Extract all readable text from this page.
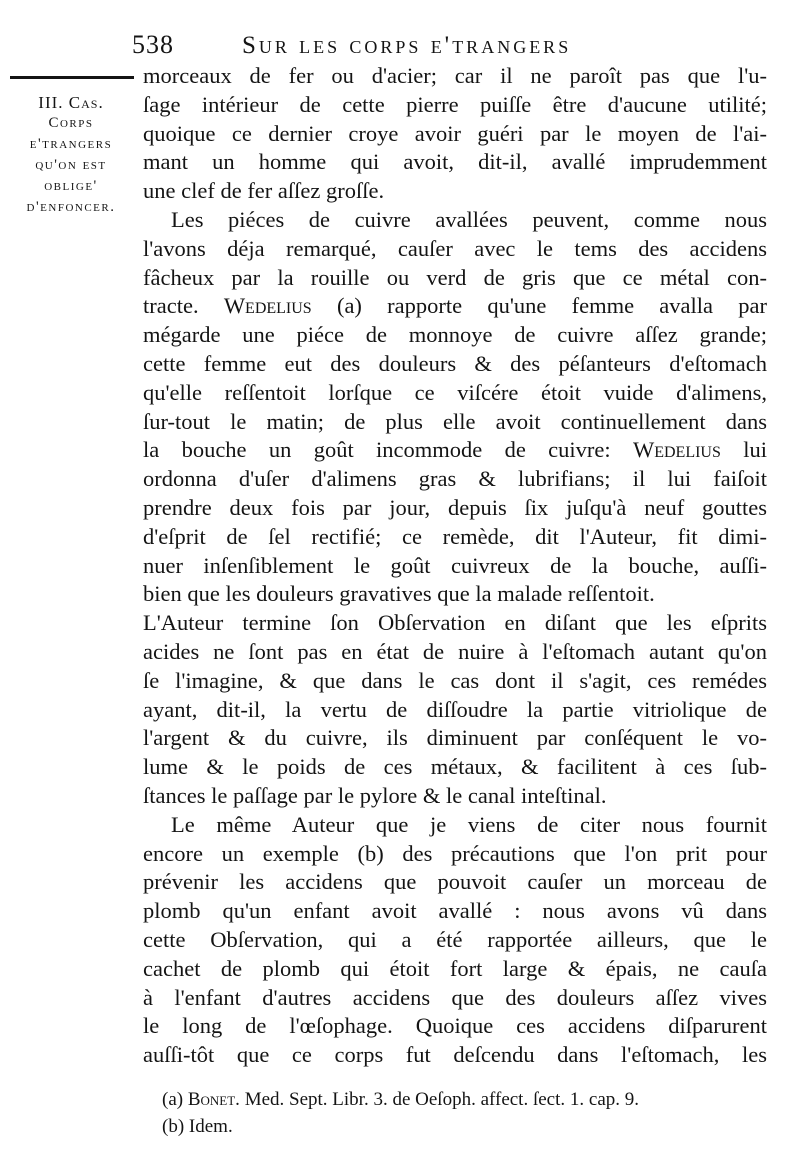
538	Sur les corps e'trangers
III. Cas.
Corps
e'trangers
qu'on est
oblige'
d'enfoncer.
morceaux de fer ou d'acier; car il ne paroît pas que l'u-
ſage intérieur de cette pierre puiſſe être d'aucune utilité;
quoique ce dernier croye avoir guéri par le moyen de l'ai-
mant un homme qui avoit, dit-il, avallé imprudemment
une clef de fer aſſez groſſe.
Les piéces de cuivre avallées peuvent, comme nous
l'avons déja remarqué, cauſer avec le tems des accidens
fâcheux par la rouille ou verd de gris que ce métal con-
tracte. Wedelius (a) rapporte qu'une femme avalla par
mégarde une piéce de monnoye de cuivre aſſez grande;
cette femme eut des douleurs & des péſanteurs d'eſtomach
qu'elle reſſentoit lorſque ce viſcére étoit vuide d'alimens,
ſur-tout le matin; de plus elle avoit continuellement dans
la bouche un goût incommode de cuivre: Wedelius lui
ordonna d'uſer d'alimens gras & lubrifians; il lui faiſoit
prendre deux fois par jour, depuis ſix juſqu'à neuf gouttes
d'eſprit de ſel rectifié; ce remède, dit l'Auteur, fit dimi-
nuer inſenſiblement le goût cuivreux de la bouche, auſſi-
bien que les douleurs gravatives que la malade reſſentoit.
L'Auteur termine ſon Obſervation en diſant que les eſprits
acides ne ſont pas en état de nuire à l'eſtomach autant qu'on
ſe l'imagine, & que dans le cas dont il s'agit, ces remédes
ayant, dit-il, la vertu de diſſoudre la partie vitriolique de
l'argent & du cuivre, ils diminuent par conſéquent le vo-
lume & le poids de ces métaux, & facilitent à ces ſub-
ſtances le paſſage par le pylore & le canal inteſtinal.
Le même Auteur que je viens de citer nous fournit
encore un exemple (b) des précautions que l'on prit pour
prévenir les accidens que pouvoit cauſer un morceau de
plomb qu'un enfant avoit avallé : nous avons vû dans
cette Obſervation, qui a été rapportée ailleurs, que le
cachet de plomb qui étoit fort large & épais, ne cauſa
à l'enfant d'autres accidens que des douleurs aſſez vives
le long de l'œſophage. Quoique ces accidens diſparurent
auſſi-tôt que ce corps fut deſcendu dans l'eſtomach, les
(a) Bonet. Med. Sept. Libr. 3. de Oeſoph. affect. ſect. 1. cap. 9.
(b) Idem.
